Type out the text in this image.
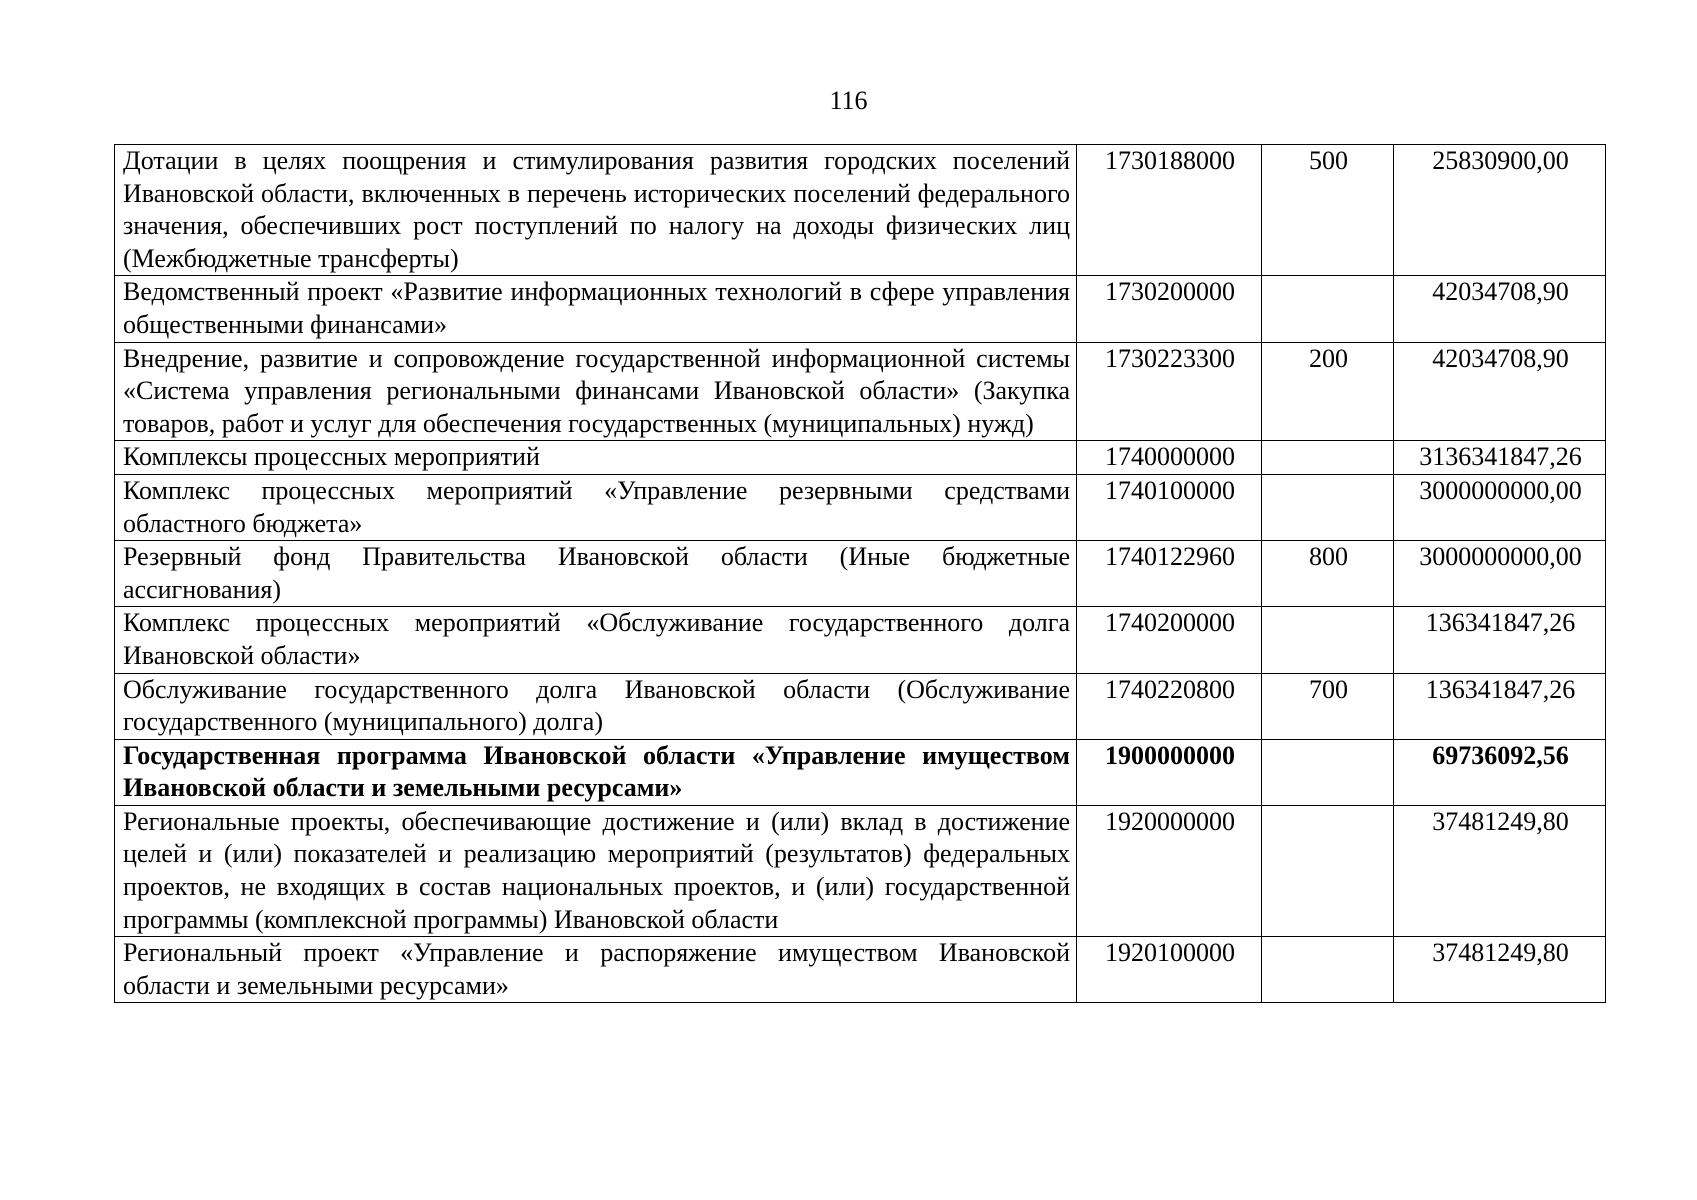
116
Дотации в целях поощрения и стимулирования развития городских поселений Ивановской области, включенных в перечень исторических поселений федерального значения, обеспечивших рост поступлений по налогу на доходы физических лиц (Межбюджетные трансферты)	1730188000	500	25830900,00
Ведомственный проект «Развитие информационных технологий в сфере управления общественными финансами»	1730200000		42034708,90
Внедрение, развитие и сопровождение государственной информационной системы «Система управления региональными финансами Ивановской области» (Закупка товаров, работ и услуг для обеспечения государственных (муниципальных) нужд)	1730223300	200	42034708,90
Комплексы процессных мероприятий	1740000000		3136341847,26
Комплекс процессных мероприятий «Управление резервными средствами областного бюджета»	1740100000		3000000000,00
Резервный фонд Правительства Ивановской области (Иные бюджетные ассигнования)	1740122960	800	3000000000,00
Комплекс процессных мероприятий «Обслуживание государственного долга Ивановской области»	1740200000		136341847,26
Обслуживание государственного долга Ивановской области (Обслуживание государственного (муниципального) долга)	1740220800	700	136341847,26
Государственная программа Ивановской области «Управление имуществом Ивановской области и земельными ресурсами»	1900000000		69736092,56
Региональные проекты, обеспечивающие достижение и (или) вклад в достижение целей и (или) показателей и реализацию мероприятий (результатов) федеральных проектов, не входящих в состав национальных проектов, и (или) государственной программы (комплексной программы) Ивановской области	1920000000		37481249,80
Региональный проект «Управление и распоряжение имуществом Ивановской области и земельными ресурсами»	1920100000		37481249,80
